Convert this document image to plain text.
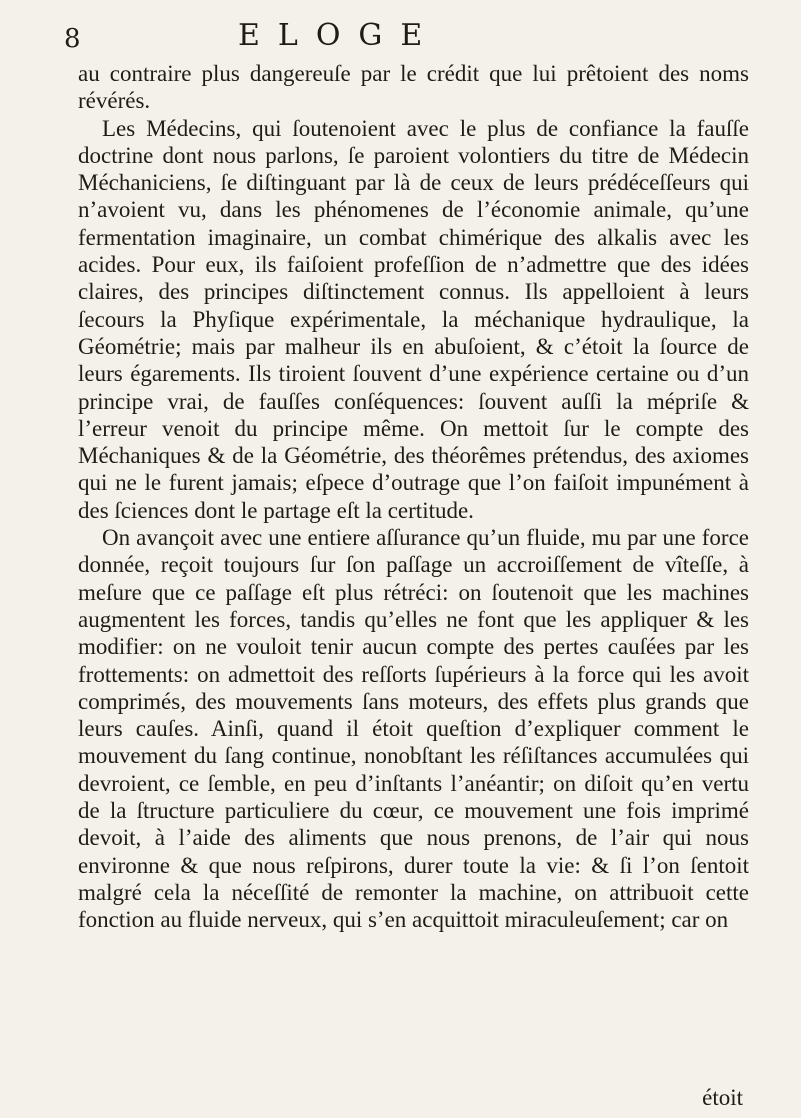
8	ELOGE

au contraire plus dangereuſe par le crédit que lui prêtoient des noms révérés.

Les Médecins, qui ſoutenoient avec le plus de confiance la fauſſe doctrine dont nous parlons, ſe paroient volontiers du titre de Médecin Méchaniciens, ſe diſtinguant par là de ceux de leurs prédéceſſeurs qui n’avoient vu, dans les phénomenes de l’économie animale, qu’une fermentation imaginaire, un combat chimérique des alkalis avec les acides. Pour eux, ils faiſoient profeſſion de n’admettre que des idées claires, des principes diſtinctement connus. Ils appelloient à leurs ſecours la Phyſique expérimentale, la méchanique hydraulique, la Géométrie; mais par malheur ils en abuſoient, & c’étoit la ſource de leurs égarements. Ils tiroient ſouvent d’une expérience certaine ou d’un principe vrai, de fauſſes conſéquences: ſouvent auſſi la mépriſe & l’erreur venoit du principe même. On mettoit ſur le compte des Méchaniques & de la Géométrie, des théorêmes prétendus, des axiomes qui ne le furent jamais; eſpece d’outrage que l’on faiſoit impunément à des ſciences dont le partage eſt la certitude.

On avançoit avec une entiere aſſurance qu’un fluide, mu par une force donnée, reçoit toujours ſur ſon paſſage un accroiſſement de vîteſſe, à meſure que ce paſſage eſt plus rétréci: on ſoutenoit que les machines augmentent les forces, tandis qu’elles ne font que les appliquer & les modifier: on ne vouloit tenir aucun compte des pertes cauſées par les frottements: on admettoit des reſſorts ſupérieurs à la force qui les avoit comprimés, des mouvements ſans moteurs, des effets plus grands que leurs cauſes. Ainſi, quand il étoit queſtion d’expliquer comment le mouvement du ſang continue, nonobſtant les réſiſtances accumulées qui devroient, ce ſemble, en peu d’inſtants l’anéantir; on diſoit qu’en vertu de la ſtructure particuliere du cœur, ce mouvement une fois imprimé devoit, à l’aide des aliments que nous prenons, de l’air qui nous environne & que nous reſpirons, durer toute la vie: & ſi l’on ſentoit malgré cela la néceſſité de remonter la machine, on attribuoit cette fonction au fluide nerveux, qui s’en acquittoit miraculeuſement; car on

étoit
